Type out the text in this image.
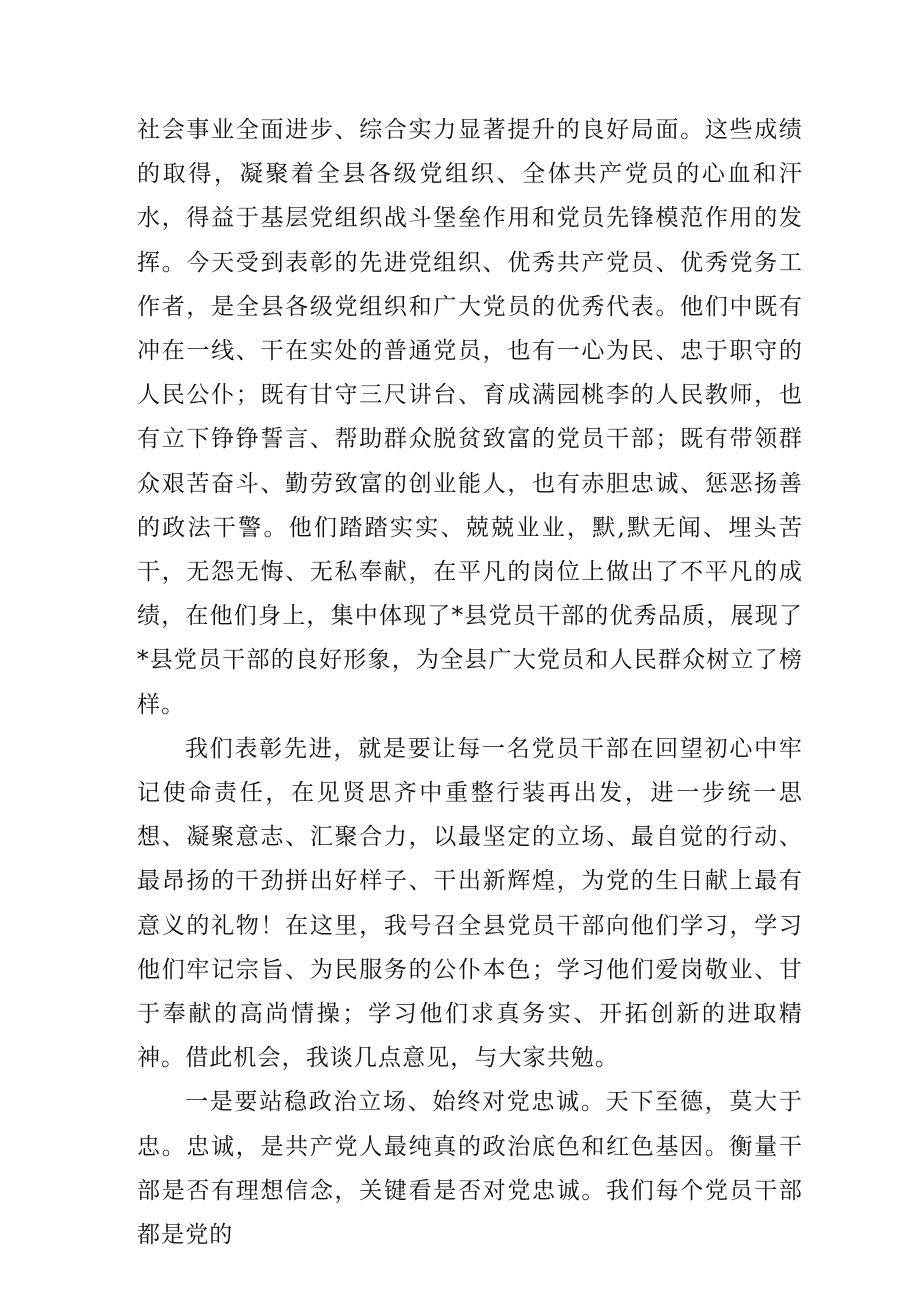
社会事业全面进步、综合实力显著提升的良好局面。这些成绩的取得，凝聚着全县各级党组织、全体共产党员的心血和汗水，得益于基层党组织战斗堡垒作用和党员先锋模范作用的发挥。今天受到表彰的先进党组织、优秀共产党员、优秀党务工作者，是全县各级党组织和广大党员的优秀代表。他们中既有冲在一线、干在实处的普通党员，也有一心为民、忠于职守的人民公仆；既有甘守三尺讲台、育成满园桃李的人民教师，也有立下铮铮誓言、帮助群众脱贫致富的党员干部；既有带领群众艰苦奋斗、勤劳致富的创业能人，也有赤胆忠诚、惩恶扬善的政法干警。他们踏踏实实、兢兢业业，默,默无闻、埋头苦干，无怨无悔、无私奉献，在平凡的岗位上做出了不平凡的成绩，在他们身上，集中体现了*县党员干部的优秀品质，展现了*县党员干部的良好形象，为全县广大党员和人民群众树立了榜样。

我们表彰先进，就是要让每一名党员干部在回望初心中牢记使命责任，在见贤思齐中重整行装再出发，进一步统一思想、凝聚意志、汇聚合力，以最坚定的立场、最自觉的行动、最昂扬的干劲拼出好样子、干出新辉煌，为党的生日献上最有意义的礼物！在这里，我号召全县党员干部向他们学习，学习他们牢记宗旨、为民服务的公仆本色；学习他们爱岗敬业、甘于奉献的高尚情操；学习他们求真务实、开拓创新的进取精神。借此机会，我谈几点意见，与大家共勉。

一是要站稳政治立场、始终对党忠诚。天下至德，莫大于忠。忠诚，是共产党人最纯真的政治底色和红色基因。衡量干部是否有理想信念，关键看是否对党忠诚。我们每个党员干部都是党的
